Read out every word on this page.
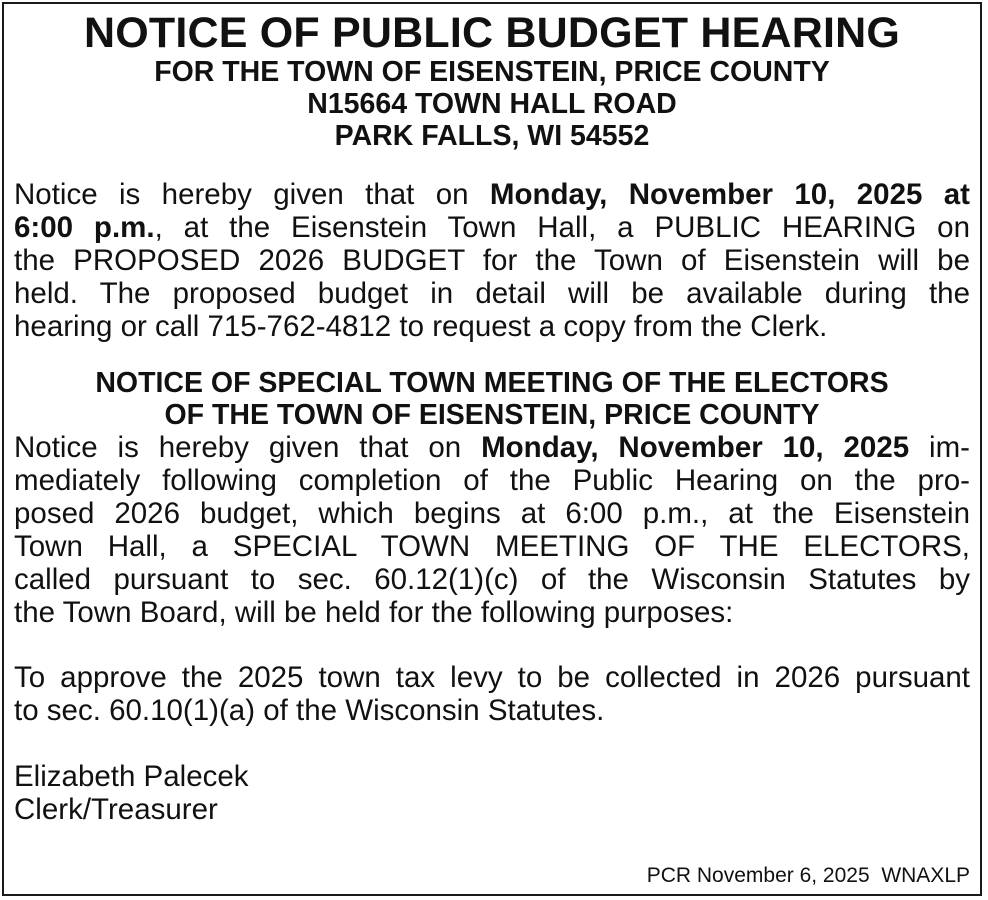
NOTICE OF PUBLIC BUDGET HEARING

FOR THE TOWN OF EISENSTEIN, PRICE COUNTY

N15664 TOWN HALL ROAD

PARK FALLS, WI 54552

Notice is hereby given that on Monday, November 10, 2025 at
6:00 p.m., at the Eisenstein Town Hall, a PUBLIC HEARING on
the PROPOSED 2026 BUDGET for the Town of Eisenstein will be
held. The proposed budget in detail will be available during the
hearing or call 715-762-4812 to request a copy from the Clerk.

NOTICE OF SPECIAL TOWN MEETING OF THE ELECTORS

OF THE TOWN OF EISENSTEIN, PRICE COUNTY

Notice is hereby given that on Monday, November 10, 2025 im-
mediately following completion of the Public Hearing on the pro-
posed 2026 budget, which begins at 6:00 p.m., at the Eisenstein
Town Hall, a SPECIAL TOWN MEETING OF THE ELECTORS,
called pursuant to sec. 60.12(1)(c) of the Wisconsin Statutes by
the Town Board, will be held for the following purposes:
To approve the 2025 town tax levy to be collected in 2026 pursuant
to sec. 60.10(1)(a) of the Wisconsin Statutes.

Elizabeth Palecek

Clerk/Treasurer

PCR November 6, 2025  WNAXLP
